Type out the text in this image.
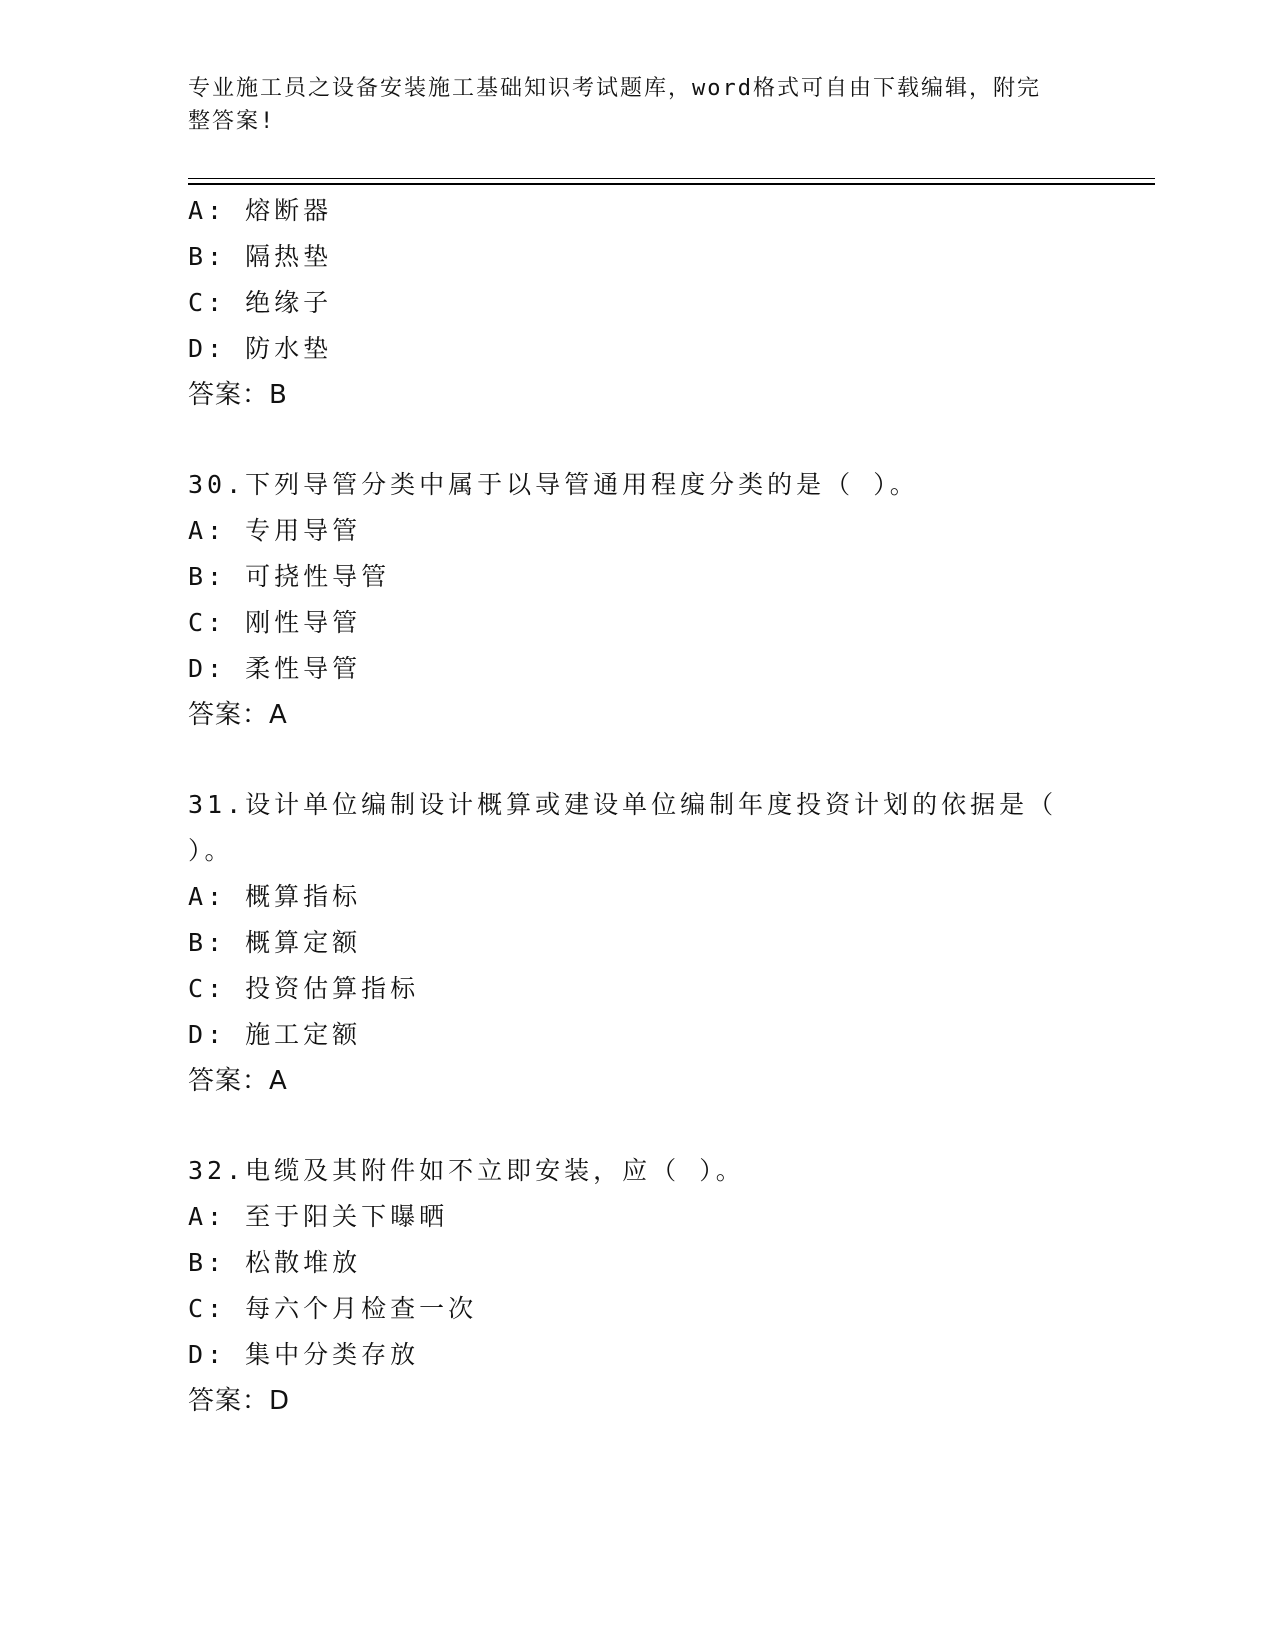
专业施工员之设备安装施工基础知识考试题库，word格式可自由下载编辑，附完
整答案!
A: 熔断器
B: 隔热垫
C: 绝缘子
D: 防水垫
答案：B
30.下列导管分类中属于以导管通用程度分类的是（ ）。
A: 专用导管
B: 可挠性导管
C: 刚性导管
D: 柔性导管
答案：A
31.设计单位编制设计概算或建设单位编制年度投资计划的依据是（
）。
A: 概算指标
B: 概算定额
C: 投资估算指标
D: 施工定额
答案：A
32.电缆及其附件如不立即安装，应（ ）。
A: 至于阳关下曝晒
B: 松散堆放
C: 每六个月检查一次
D: 集中分类存放
答案：D
